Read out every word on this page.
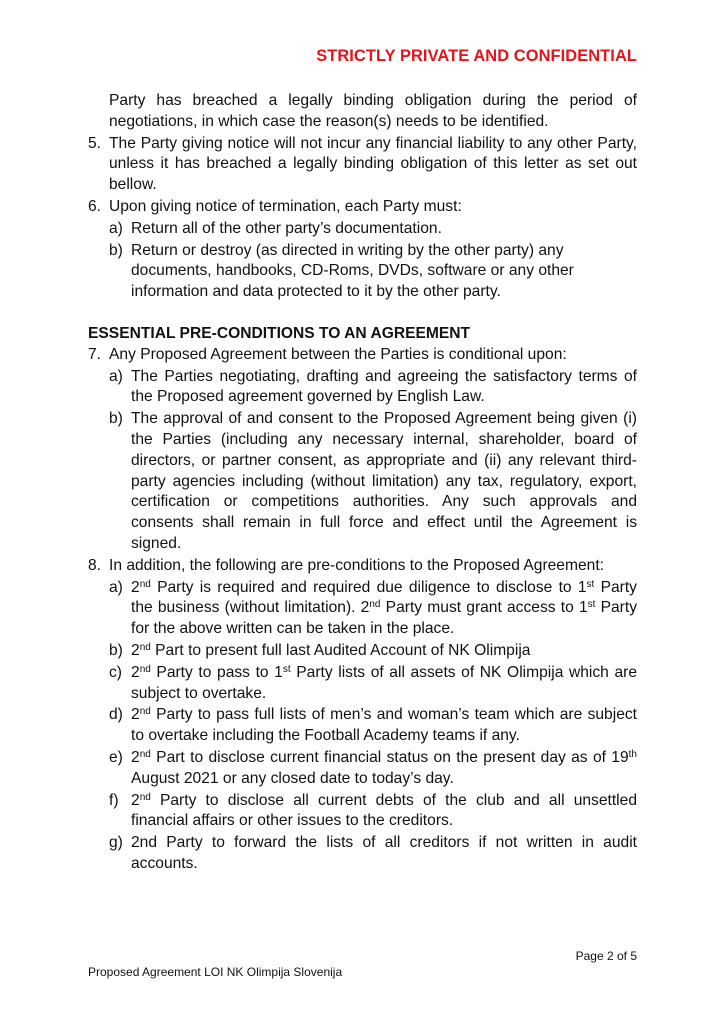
STRICTLY PRIVATE AND CONFIDENTIAL

Party has breached a legally binding obligation during the period of negotiations, in which case the reason(s) needs to be identified.

5. The Party giving notice will not incur any financial liability to any other Party, unless it has breached a legally binding obligation of this letter as set out bellow.
6. Upon giving notice of termination, each Party must:
a) Return all of the other party’s documentation.
b) Return or destroy (as directed in writing by the other party) any documents, handbooks, CD-Roms, DVDs, software or any other information and data protected to it by the other party.

ESSENTIAL PRE-CONDITIONS TO AN AGREEMENT

7. Any Proposed Agreement between the Parties is conditional upon:
a) The Parties negotiating, drafting and agreeing the satisfactory terms of the Proposed agreement governed by English Law.
b) The approval of and consent to the Proposed Agreement being given (i) the Parties (including any necessary internal, shareholder, board of directors, or partner consent, as appropriate and (ii) any relevant third-party agencies including (without limitation) any tax, regulatory, export, certification or competitions authorities. Any such approvals and consents shall remain in full force and effect until the Agreement is signed.
8. In addition, the following are pre-conditions to the Proposed Agreement:
a) 2nd Party is required and required due diligence to disclose to 1st Party the business (without limitation). 2nd Party must grant access to 1st Party for the above written can be taken in the place.
b) 2nd Part to present full last Audited Account of NK Olimpija
c) 2nd Party to pass to 1st Party lists of all assets of NK Olimpija which are subject to overtake.
d) 2nd Party to pass full lists of men’s and woman’s team which are subject to overtake including the Football Academy teams if any.
e) 2nd Part to disclose current financial status on the present day as of 19th August 2021 or any closed date to today’s day.
f) 2nd Party to disclose all current debts of the club and all unsettled financial affairs or other issues to the creditors.
g) 2nd Party to forward the lists of all creditors if not written in audit accounts.
Page 2 of 5
Proposed Agreement LOI NK Olimpija Slovenija
